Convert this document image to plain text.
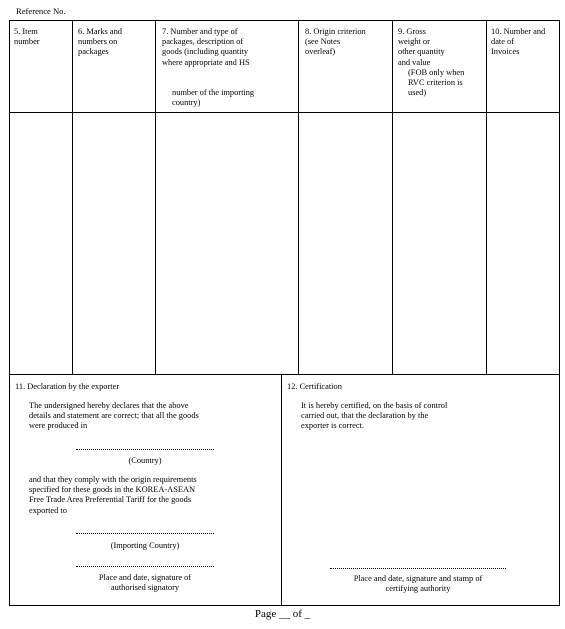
Reference No.
5. Item
number
6. Marks and
numbers on
packages
7. Number and type of
packages, description of
goods (including quantity
where appropriate and HS
number of the importing
country)
8. Origin criterion
(see Notes
overleaf)
9. Gross
weight or
other quantity
and value
(FOB only when
RVC criterion is
used)
10. Number and
date of
Invoices
11. Declaration by the exporter
The undersigned hereby declares that the above
details and statement are correct; that all the goods
were produced in
(Country)
and that they comply with the origin requirements
specified for these goods in the KOREA-ASEAN
Free Trade Area Preferential Tariff for the goods
exported to
(Importing Country)
Place and date, signature of
authorised signatory
12. Certification
It is hereby certified, on the basis of control
carried out, that the declaration by the
exporter is correct.
Place and date, signature and stamp of
certifying authority
Page __ of _
